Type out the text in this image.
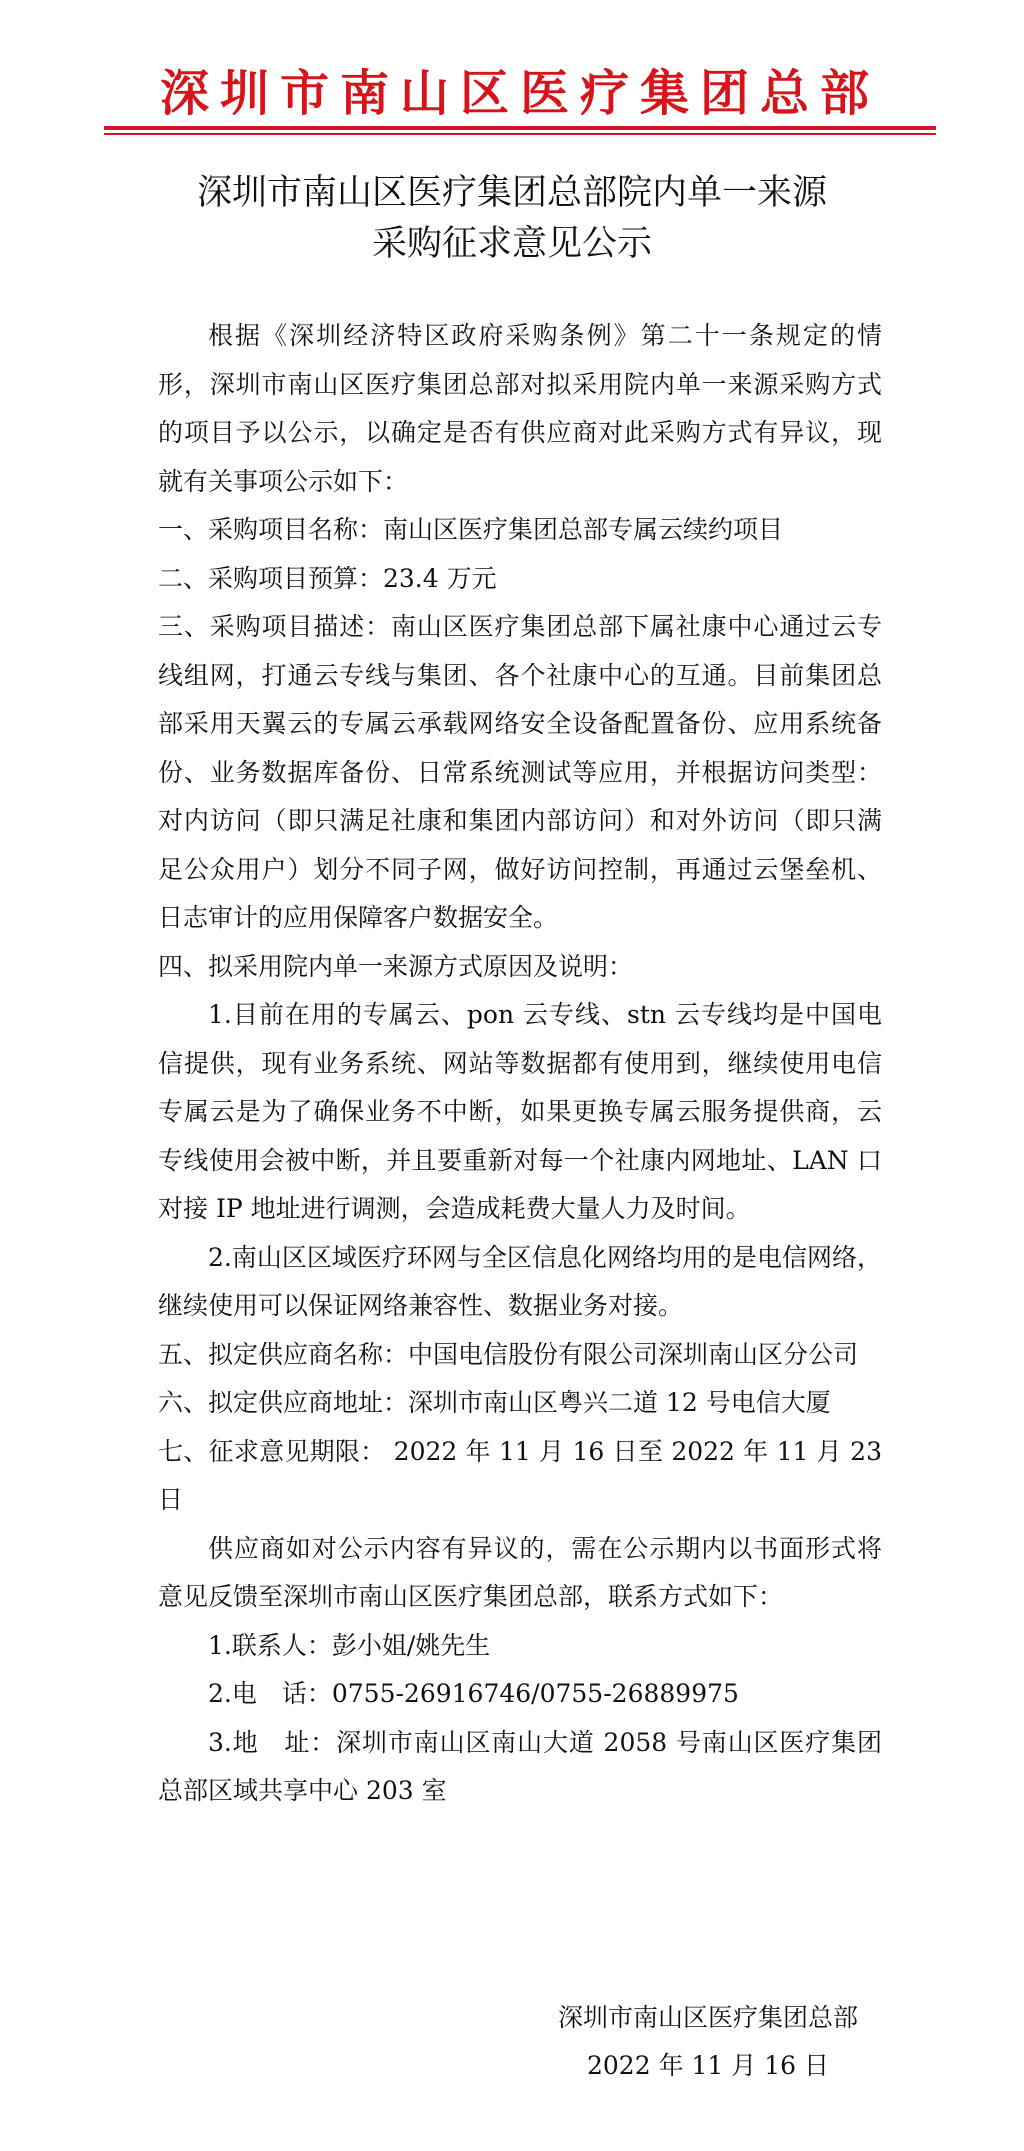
深圳市南山区医疗集团总部
深圳市南山区医疗集团总部院内单一来源
采购征求意见公示

根据《深圳经济特区政府采购条例》第二十一条规定的情形，深圳市南山区医疗集团总部对拟采用院内单一来源采购方式的项目予以公示，以确定是否有供应商对此采购方式有异议，现就有关事项公示如下：

一、采购项目名称：南山区医疗集团总部专属云续约项目

二、采购项目预算：23.4 万元

三、采购项目描述：南山区医疗集团总部下属社康中心通过云专线组网，打通云专线与集团、各个社康中心的互通。目前集团总部采用天翼云的专属云承载网络安全设备配置备份、应用系统备份、业务数据库备份、日常系统测试等应用，并根据访问类型：对内访问（即只满足社康和集团内部访问）和对外访问（即只满足公众用户）划分不同子网，做好访问控制，再通过云堡垒机、日志审计的应用保障客户数据安全。

四、拟采用院内单一来源方式原因及说明：

1.目前在用的专属云、pon 云专线、stn 云专线均是中国电信提供，现有业务系统、网站等数据都有使用到，继续使用电信专属云是为了确保业务不中断，如果更换专属云服务提供商，云专线使用会被中断，并且要重新对每一个社康内网地址、LAN 口对接 IP 地址进行调测，会造成耗费大量人力及时间。

2.南山区区域医疗环网与全区信息化网络均用的是电信网络，继续使用可以保证网络兼容性、数据业务对接。

五、拟定供应商名称：中国电信股份有限公司深圳南山区分公司

六、拟定供应商地址：深圳市南山区粤兴二道 12 号电信大厦

七、征求意见期限： 2022 年 11 月 16 日至 2022 年 11 月 23 日

供应商如对公示内容有异议的，需在公示期内以书面形式将意见反馈至深圳市南山区医疗集团总部，联系方式如下：

1.联系人：彭小姐/姚先生

2.电　话：0755-26916746/0755-26889975

3.地　址：深圳市南山区南山大道 2058 号南山区医疗集团总部区域共享中心 203 室

深圳市南山区医疗集团总部
2022 年 11 月 16 日
